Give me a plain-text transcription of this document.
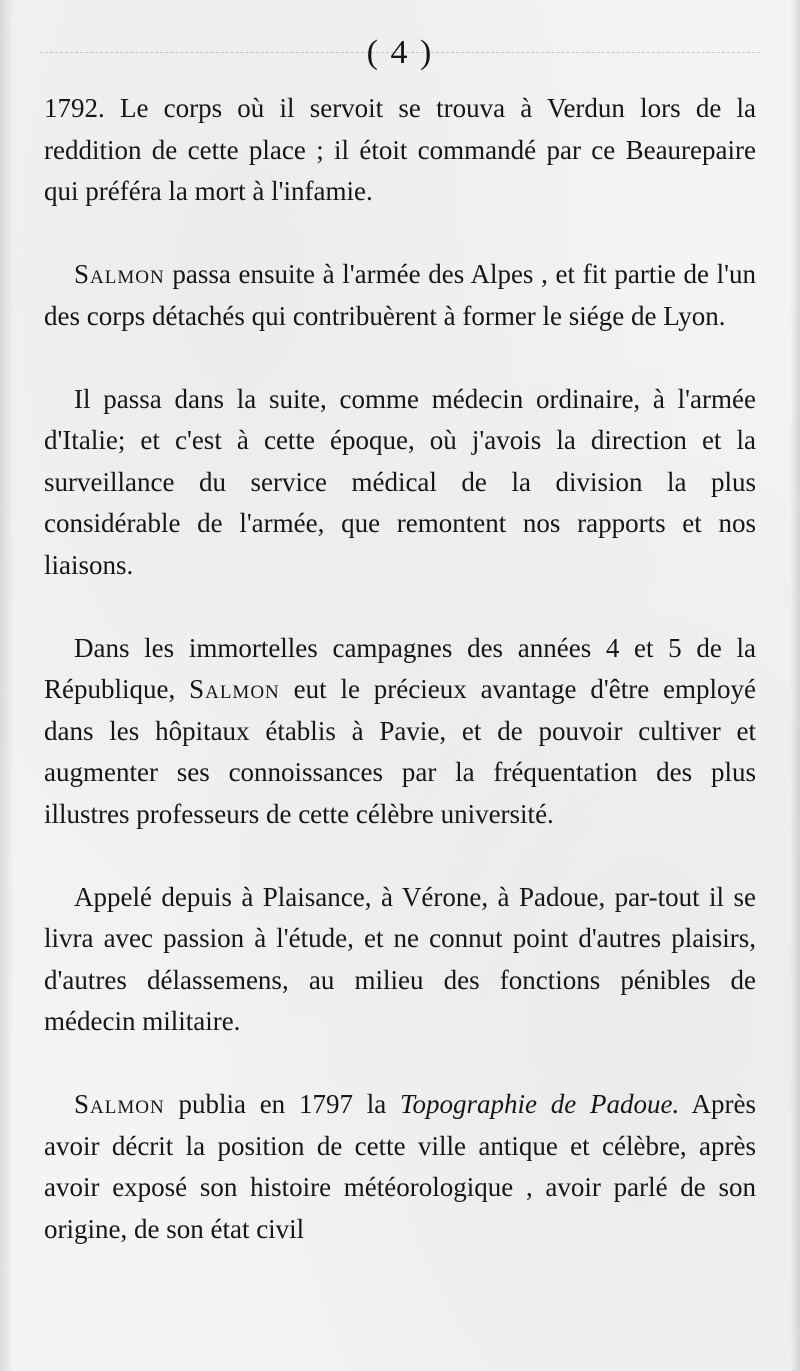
( 4 )

1792. Le corps où il servoit se trouva à Verdun lors de la reddition de cette place ; il étoit commandé par ce Beaurepaire qui préféra la mort à l'infamie.

Salmon passa ensuite à l'armée des Alpes , et fit partie de l'un des corps détachés qui contribuèrent à former le siége de Lyon.

Il passa dans la suite, comme médecin ordinaire, à l'armée d'Italie; et c'est à cette époque, où j'avois la direction et la surveillance du service médical de la division la plus considérable de l'armée, que remontent nos rapports et nos liaisons.

Dans les immortelles campagnes des années 4 et 5 de la République, Salmon eut le précieux avantage d'être employé dans les hôpitaux établis à Pavie, et de pouvoir cultiver et augmenter ses connoissances par la fréquentation des plus illustres professeurs de cette célèbre université.

Appelé depuis à Plaisance, à Vérone, à Padoue, par-tout il se livra avec passion à l'étude, et ne connut point d'autres plaisirs, d'autres délassemens, au milieu des fonctions pénibles de médecin militaire.

Salmon publia en 1797 la Topographie de Padoue. Après avoir décrit la position de cette ville antique et célèbre, après avoir exposé son histoire météorologique , avoir parlé de son origine, de son état civil
